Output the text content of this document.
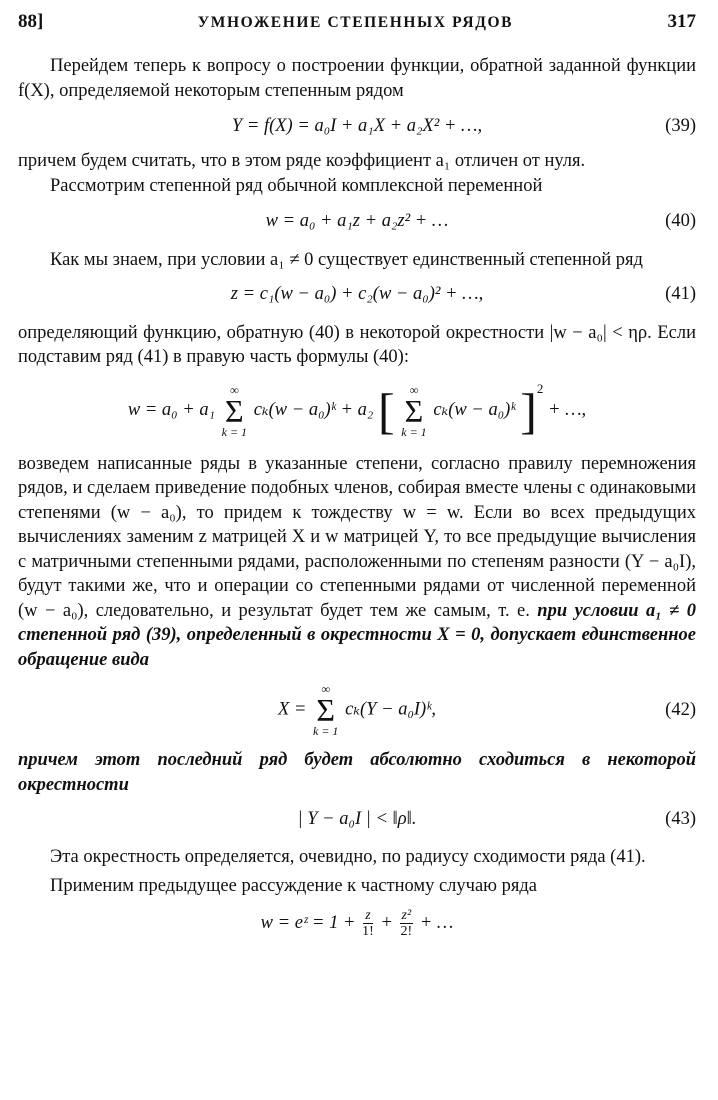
88]	УМНОЖЕНИЕ СТЕПЕННЫХ РЯДОВ	317

Перейдем теперь к вопросу о построении функции, обратной заданной функции f(X), определяемой некоторым степенным рядом

Y = f(X) = a₀I + a₁X + a₂X² + …,	(39)

причем будем считать, что в этом ряде коэффициент a₁ отличен от нуля.

Рассмотрим степенной ряд обычной комплексной переменной

w = a₀ + a₁z + a₂z² + …	(40)

Как мы знаем, при условии a₁ ≠ 0 существует единственный степенной ряд

z = c₁(w − a₀) + c₂(w − a₀)² + …,	(41)

определяющий функцию, обратную (40) в некоторой окрестности |w − a₀| < ηρ. Если подставим ряд (41) в правую часть формулы (40):

w = a₀ + a₁
∞
Σ
k = 1
cₖ(w − a₀)ᵏ + a₂ [ ∞
Σ
k = 1
cₖ(w − a₀)ᵏ ]$^2$ + …,

возведем написанные ряды в указанные степени, согласно правилу перемножения рядов, и сделаем приведение подобных членов, собирая вместе члены с одинаковыми степенями (w − a₀), то придем к тождеству w = w. Если во всех предыдущих вычислениях заменим z матрицей X и w матрицей Y, то все предыдущие вычисления с матричными степенными рядами, расположенными по степеням разности (Y − a₀I), будут такими же, что и операции со степенными рядами от численной переменной (w − a₀), следовательно, и результат будет тем же самым, т. е. при условии a₁ ≠ 0 степенной ряд (39), определенный в окрестности X = 0, допускает единственное обращение вида

X =
∞
Σ
k = 1
cₖ(Y − a₀I)ᵏ,	(42)

причем этот последний ряд будет абсолютно сходиться в некоторой окрестности

| Y − a₀I | < ‖ρ‖.	(43)

Эта окрестность определяется, очевидно, по радиусу сходимости ряда (41).

Применим предыдущее рассуждение к частному случаю ряда

w = eᶻ = $1 + \frac{z}{1!} + \frac{\text{z²}}{2!}$ + …
